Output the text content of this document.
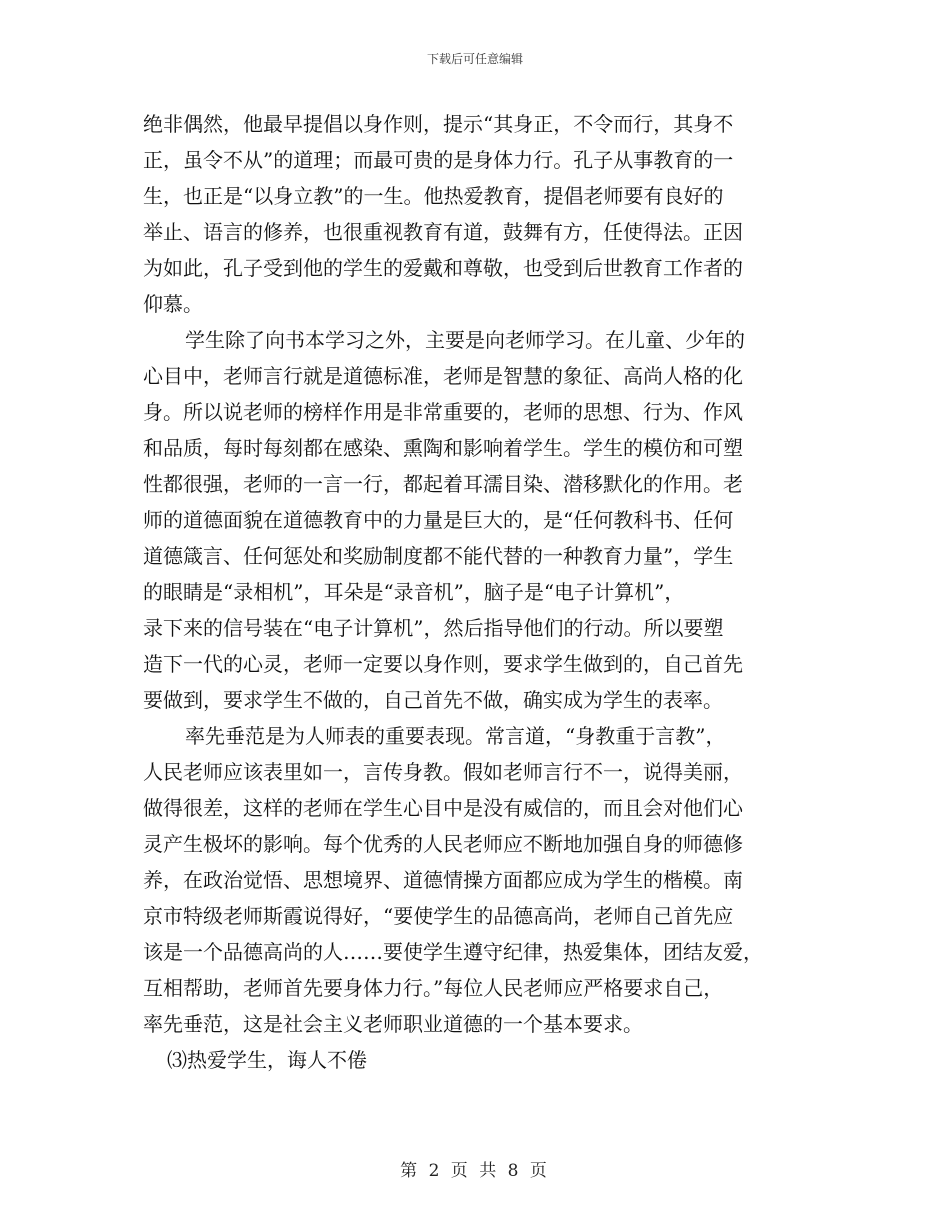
下载后可任意编辑
绝非偶然，他最早提倡以身作则，提示“其身正，不令而行，其身不
正，虽令不从”的道理；而最可贵的是身体力行。孔子从事教育的一
生，也正是“以身立教”的一生。他热爱教育，提倡老师要有良好的
举止、语言的修养，也很重视教育有道，鼓舞有方，任使得法。正因
为如此，孔子受到他的学生的爱戴和尊敬，也受到后世教育工作者的
仰慕。
学生除了向书本学习之外，主要是向老师学习。在儿童、少年的
心目中，老师言行就是道德标准，老师是智慧的象征、高尚人格的化
身。所以说老师的榜样作用是非常重要的，老师的思想、行为、作风
和品质，每时每刻都在感染、熏陶和影响着学生。学生的模仿和可塑
性都很强，老师的一言一行，都起着耳濡目染、潜移默化的作用。老
师的道德面貌在道德教育中的力量是巨大的，是“任何教科书、任何
道德箴言、任何惩处和奖励制度都不能代替的一种教育力量”，学生
的眼睛是“录相机”，耳朵是“录音机”，脑子是“电子计算机”，
录下来的信号装在“电子计算机”，然后指导他们的行动。所以要塑
造下一代的心灵，老师一定要以身作则，要求学生做到的，自己首先
要做到，要求学生不做的，自己首先不做，确实成为学生的表率。
率先垂范是为人师表的重要表现。常言道，“身教重于言教”，
人民老师应该表里如一，言传身教。假如老师言行不一，说得美丽，
做得很差，这样的老师在学生心目中是没有威信的，而且会对他们心
灵产生极坏的影响。每个优秀的人民老师应不断地加强自身的师德修
养，在政治觉悟、思想境界、道德情操方面都应成为学生的楷模。南
京市特级老师斯霞说得好，“要使学生的品德高尚，老师自己首先应
该是一个品德高尚的人……要使学生遵守纪律，热爱集体，团结友爱，
互相帮助，老师首先要身体力行。”每位人民老师应严格要求自己，
率先垂范，这是社会主义老师职业道德的一个基本要求。
⑶热爱学生，诲人不倦
第 2 页 共 8 页
